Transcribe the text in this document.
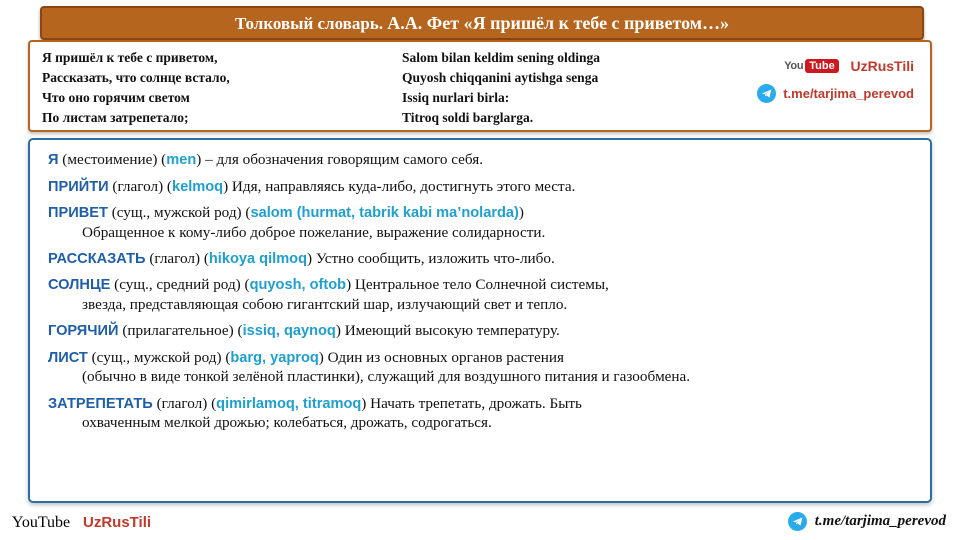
Толковый словарь. А.А. Фет «Я пришёл к тебе с приветом…»
Я пришёл к тебе с приветом,
Рассказать, что солнце встало,
Что оно горячим светом
По листам затрепетало;
Salom bilan keldim sening oldinga
Quyosh chiqqanini aytishga senga
Issiq nurlari birla:
Titroq soldi barglarga.
You Tube UzRusTili
t.me/tarjima_perevod
Я (местоимение) (men) – для обозначения говорящим самого себя.
ПРИЙТИ (глагол) (kelmoq) Идя, направляясь куда-либо, достигнуть этого места.
ПРИВЕТ (сущ., мужской род) (salom (hurmat, tabrik kabi ma’nolarda))
Обращенное к кому-либо доброе пожелание, выражение солидарности.
РАССКАЗАТЬ (глагол) (hikoya qilmoq) Устно сообщить, изложить что-либо.
СОЛНЦЕ (сущ., средний род) (quyosh, oftob) Центральное тело Солнечной системы,
звезда, представляющая собою гигантский шар, излучающий свет и тепло.
ГОРЯЧИЙ (прилагательное) (issiq, qaynoq) Имеющий высокую температуру.
ЛИСТ (сущ., мужской род) (barg, yaproq) Один из основных органов растения
(обычно в виде тонкой зелёной пластинки), служащий для воздушного питания и газообмена.
ЗАТРЕПЕТАТЬ (глагол) (qimirlamoq, titramoq) Начать трепетать, дрожать. Быть
охваченным мелкой дрожью; колебаться, дрожать, содрогаться.
You Tube UzRusTili	t.me/tarjima_perevod
